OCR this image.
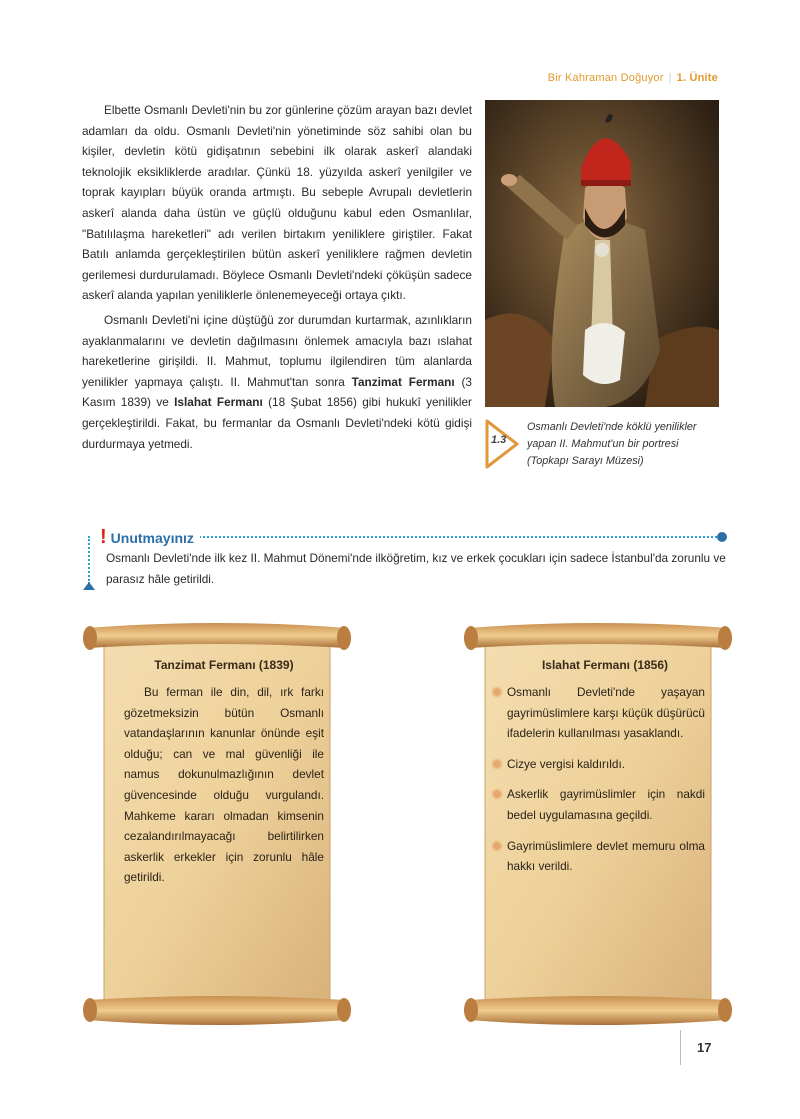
Bir Kahraman Doğuyor | 1. Ünite

Elbette Osmanlı Devleti'nin bu zor günlerine çözüm arayan bazı devlet adamları da oldu. Osmanlı Devleti'nin yönetiminde söz sahibi olan bu kişiler, devletin kötü gidişatının sebebini ilk olarak askerî alandaki teknolojik eksikliklerde aradılar. Çünkü 18. yüzyılda askerî yenilgiler ve toprak kayıpları büyük oranda artmıştı. Bu sebeple Avrupalı devletlerin askerî alanda daha üstün ve güçlü olduğunu kabul eden Osmanlılar, "Batılılaşma hareketleri" adı verilen birtakım yeniliklere giriştiler. Fakat Batılı anlamda gerçekleştirilen bütün askerî yeniliklere rağmen devletin gerilemesi durdurulamadı. Böylece Osmanlı Devleti'ndeki çöküşün sadece askerî alanda yapılan yeniliklerle önlenemeyeceği ortaya çıktı.

Osmanlı Devleti'ni içine düştüğü zor durumdan kurtarmak, azınlıkların ayaklanmalarını ve devletin dağılmasını önlemek amacıyla bazı ıslahat hareketlerine girişildi. II. Mahmut, toplumu ilgilendiren tüm alanlarda yenilikler yapmaya çalıştı. II. Mahmut'tan sonra Tanzimat Fermanı (3 Kasım 1839) ve Islahat Fermanı (18 Şubat 1856) gibi hukukî yenilikler gerçekleştirildi. Fakat, bu fermanlar da Osmanlı Devleti'ndeki kötü gidişi durdurmaya yetmedi.	1.3
Osmanlı Devleti'nde köklü yenilikler yapan II. Mahmut'un bir portresi (Topkapı Sarayı Müzesi)
! Unutmayınız
Osmanlı Devleti'nde ilk kez II. Mahmut Dönemi'nde ilköğretim, kız ve erkek çocukları için sadece İstanbul'da zorunlu ve parasız hâle getirildi.
Tanzimat Fermanı (1839)
Bu ferman ile din, dil, ırk farkı gözetmeksizin bütün Osmanlı vatandaşlarının kanunlar önünde eşit olduğu; can ve mal güvenliği ile namus dokunulmazlığının devlet güvencesinde olduğu vurgulandı. Mahkeme kararı olmadan kimsenin cezalandırılmayacağı belirtilirken askerlik erkekler için zorunlu hâle getirildi.
Islahat Fermanı (1856)
Osmanlı Devleti'nde yaşayan gayrimüslimlere karşı küçük düşürücü ifadelerin kullanılması yasaklandı.
Cizye vergisi kaldırıldı.
Askerlik gayrimüslimler için nakdi bedel uygulamasına geçildi.
Gayrimüslimlere devlet memuru olma hakkı verildi.
17
